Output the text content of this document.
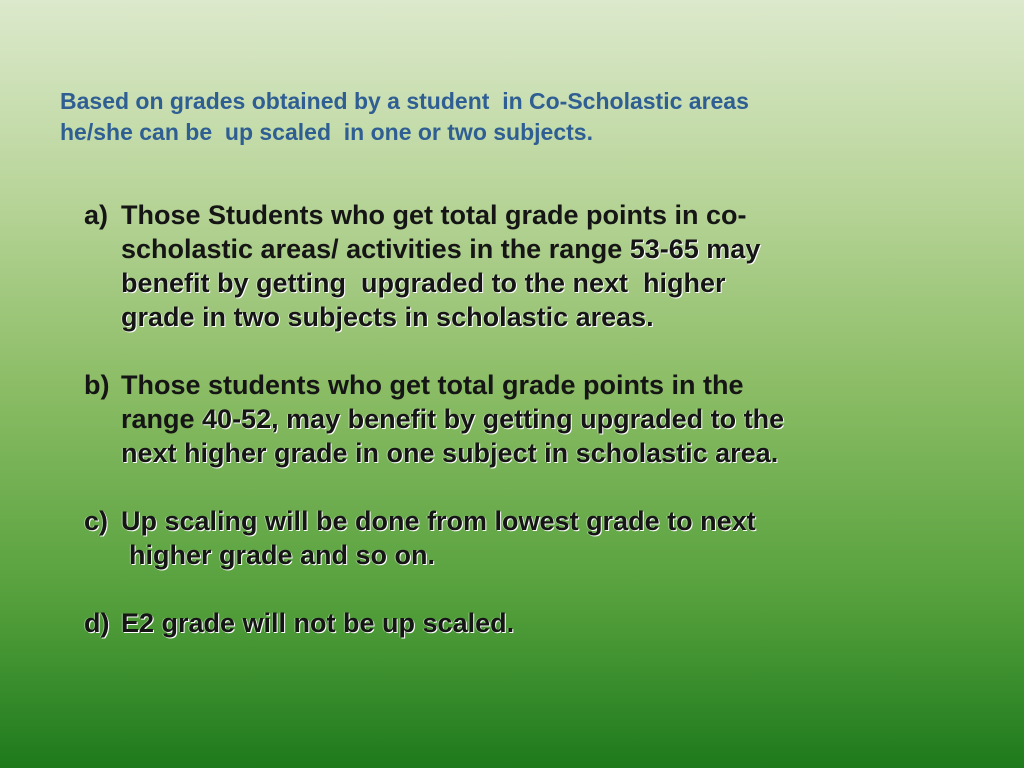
Based on grades obtained by a student  in Co-Scholastic areas
he/she can be  up scaled  in one or two subjects.
a) Those Students who get total grade points in co-
scholastic areas/ activities in the range 53-65 may
benefit by getting  upgraded to the next  higher
grade in two subjects in scholastic areas.
b) Those students who get total grade points in the
range 40-52, may benefit by getting upgraded to the
next higher grade in one subject in scholastic area.
c) Up scaling will be done from lowest grade to next
higher grade and so on.
d) E2 grade will not be up scaled.
